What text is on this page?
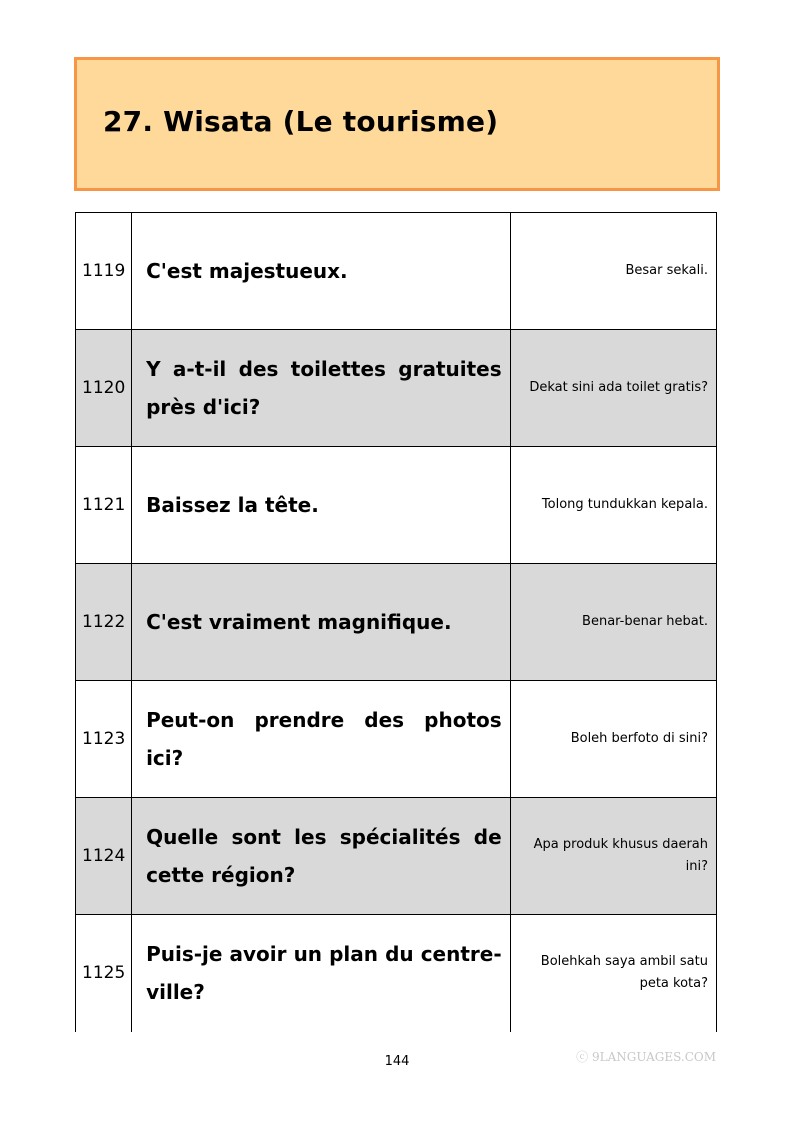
27. Wisata (Le tourisme)
1119	C'est majestueux.	Besar sekali.
1120	Y a-t-il des toilettes gratuites près d'ici?	Dekat sini ada toilet gratis?
1121	Baissez la tête.	Tolong tundukkan kepala.
1122	C'est vraiment magnifique.	Benar-benar hebat.
1123	Peut-on prendre des photos ici?	Boleh berfoto di sini?
1124	Quelle sont les spécialités de cette région?	Apa produk khusus daerah ini?
1125	Puis-je avoir un plan du centre-ville?	Bolehkah saya ambil satu peta kota?
144	ⓒ 9LANGUAGES.COM
